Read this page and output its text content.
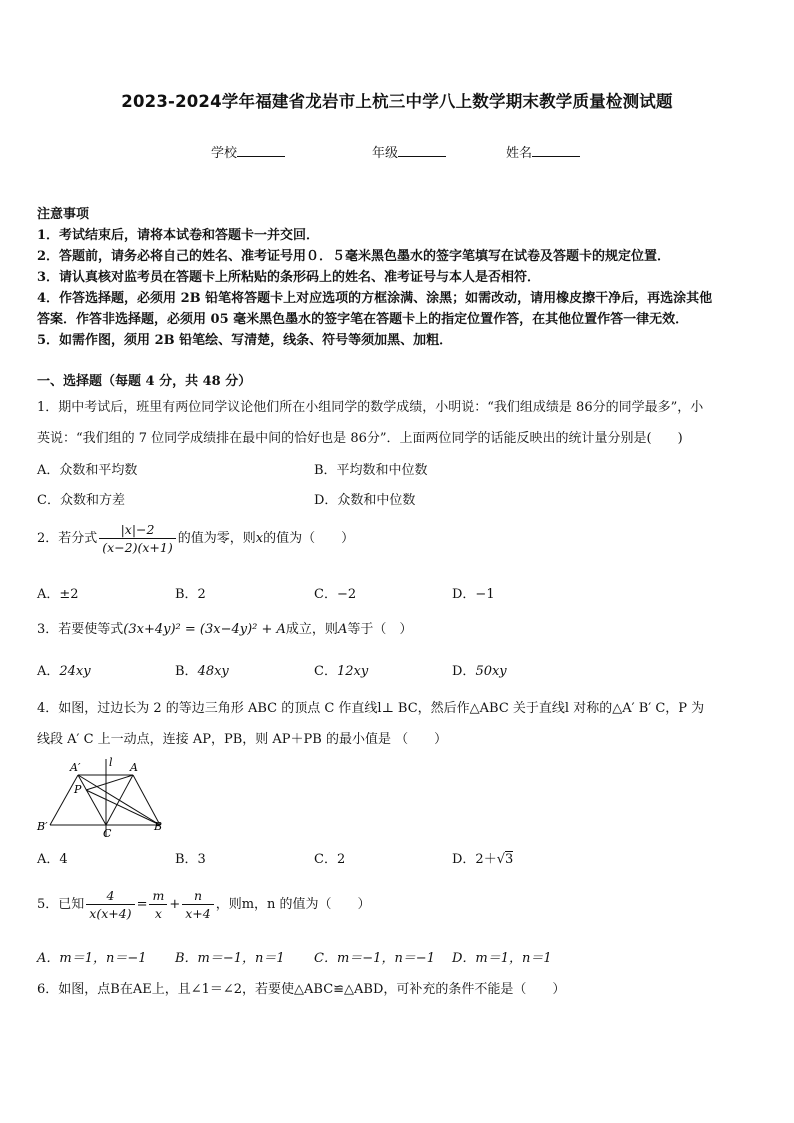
2023-2024学年福建省龙岩市上杭三中学八上数学期末教学质量检测试题
学校	年级	姓名
注意事项
1．考试结束后，请将本试卷和答题卡一并交回．
2．答题前，请务必将自己的姓名、准考证号用０．５毫米黑色墨水的签字笔填写在试卷及答题卡的规定位置．
3．请认真核对监考员在答题卡上所粘贴的条形码上的姓名、准考证号与本人是否相符．
4．作答选择题，必须用 2B 铅笔将答题卡上对应选项的方框涂满、涂黑；如需改动，请用橡皮擦干净后，再选涂其他
答案．作答非选择题，必须用 05 毫米黑色墨水的签字笔在答题卡上的指定位置作答，在其他位置作答一律无效．
5．如需作图，须用 2B 铅笔绘、写清楚，线条、符号等须加黑、加粗．
一、选择题（每题 4 分，共 48 分）
1．期中考试后，班里有两位同学议论他们所在小组同学的数学成绩，小明说：“我们组成绩是 86分的同学最多”，小
英说：“我们组的 7 位同学成绩排在最中间的恰好也是 86分”．上面两位同学的话能反映出的统计量分别是(　　)
A．众数和平均数	B．平均数和中位数
C．众数和方差	D．众数和中位数
2．若分式 $\frac{|x|-2}{(x-2)(x+1)}$ 的值为零，则x的值为（　　）
A．±2	B．2	C．−2	D．−1
3．若要使等式(3x+4y)² = (3x−4y)² + A成立，则A等于（　）
A．24xy	B．48xy	C．12xy	D．50xy
4．如图，过边长为 2 的等边三角形 ABC 的顶点 C 作直线l⊥ BC，然后作△ABC 关于直线l 对称的△A′ B′ C，P 为
线段 A′ C 上一动点，连接 AP，PB，则 AP＋PB 的最小值是 （　　）
A′	l A
P
B′
C
B
A．4	B．3	C．2	D．2＋√3
5．已知 $\frac{4}{x(x+4)} = \frac{m}{x} + \frac{n}{x+4}$ ，则m，n 的值为（　　）
A．m＝1，n＝−1 B．m＝−1，n＝1 C．m＝−1，n＝−1 D．m＝1，n＝1
6．如图，点B在AE上，且∠1＝∠2，若要使△ABC≌△ABD，可补充的条件不能是（　　）
